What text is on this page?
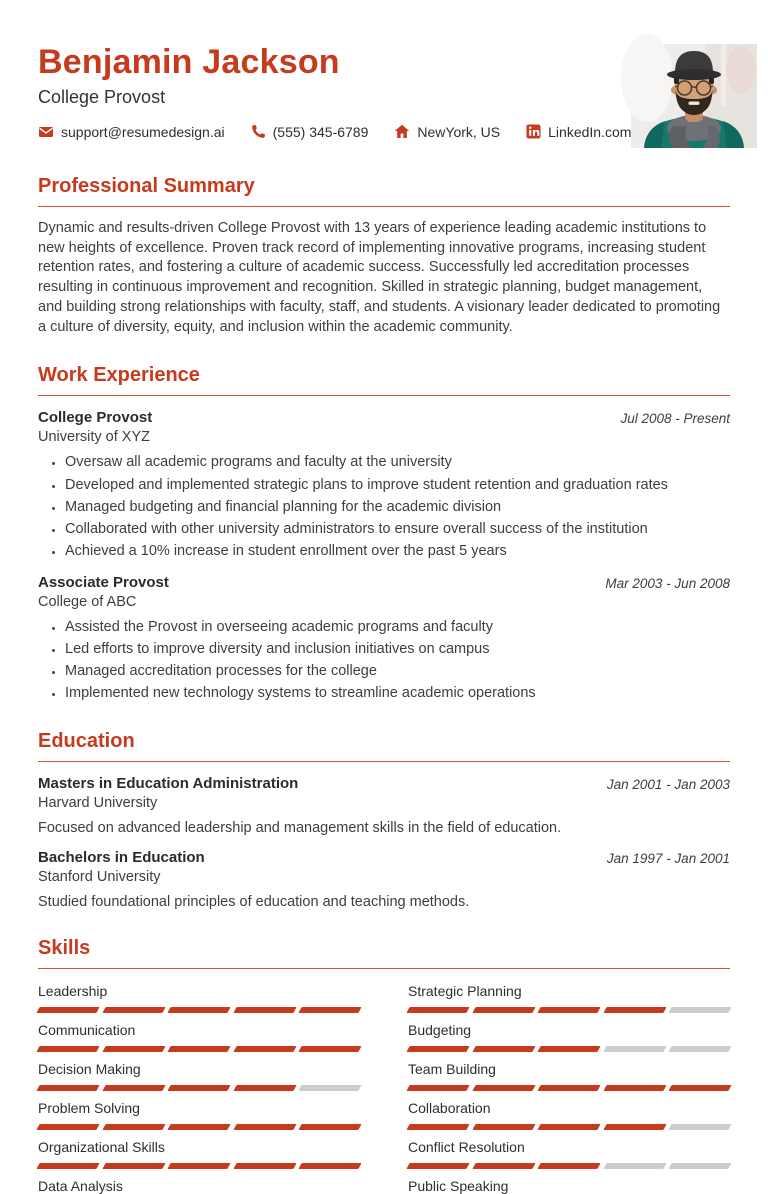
Benjamin Jackson
College Provost
support@resumedesign.ai	(555) 345-6789	NewYork, US	LinkedIn.com
Professional Summary

Dynamic and results-driven College Provost with 13 years of experience leading academic institutions to new heights of excellence. Proven track record of implementing innovative programs, increasing student retention rates, and fostering a culture of academic success. Successfully led accreditation processes resulting in continuous improvement and recognition. Skilled in strategic planning, budget management, and building strong relationships with faculty, staff, and students. A visionary leader dedicated to promoting a culture of diversity, equity, and inclusion within the academic community.

Work Experience
College Provost
University of XYZ
Jul 2008 - Present
• Oversaw all academic programs and faculty at the university
• Developed and implemented strategic plans to improve student retention and graduation rates
• Managed budgeting and financial planning for the academic division
• Collaborated with other university administrators to ensure overall success of the institution
• Achieved a 10% increase in student enrollment over the past 5 years
Associate Provost
College of ABC
Mar 2003 - Jun 2008
• Assisted the Provost in overseeing academic programs and faculty
• Led efforts to improve diversity and inclusion initiatives on campus
• Managed accreditation processes for the college
• Implemented new technology systems to streamline academic operations
Education
Masters in Education Administration
Harvard University
Jan 2001 - Jan 2003

Focused on advanced leadership and management skills in the field of education.

Bachelors in Education
Stanford University
Jan 1997 - Jan 2001

Studied foundational principles of education and teaching methods.

Skills
Leadership	Strategic Planning
Communication	Budgeting
Decision Making	Team Building
Problem Solving	Collaboration
Organizational Skills	Conflict Resolution
Data Analysis	Public Speaking
